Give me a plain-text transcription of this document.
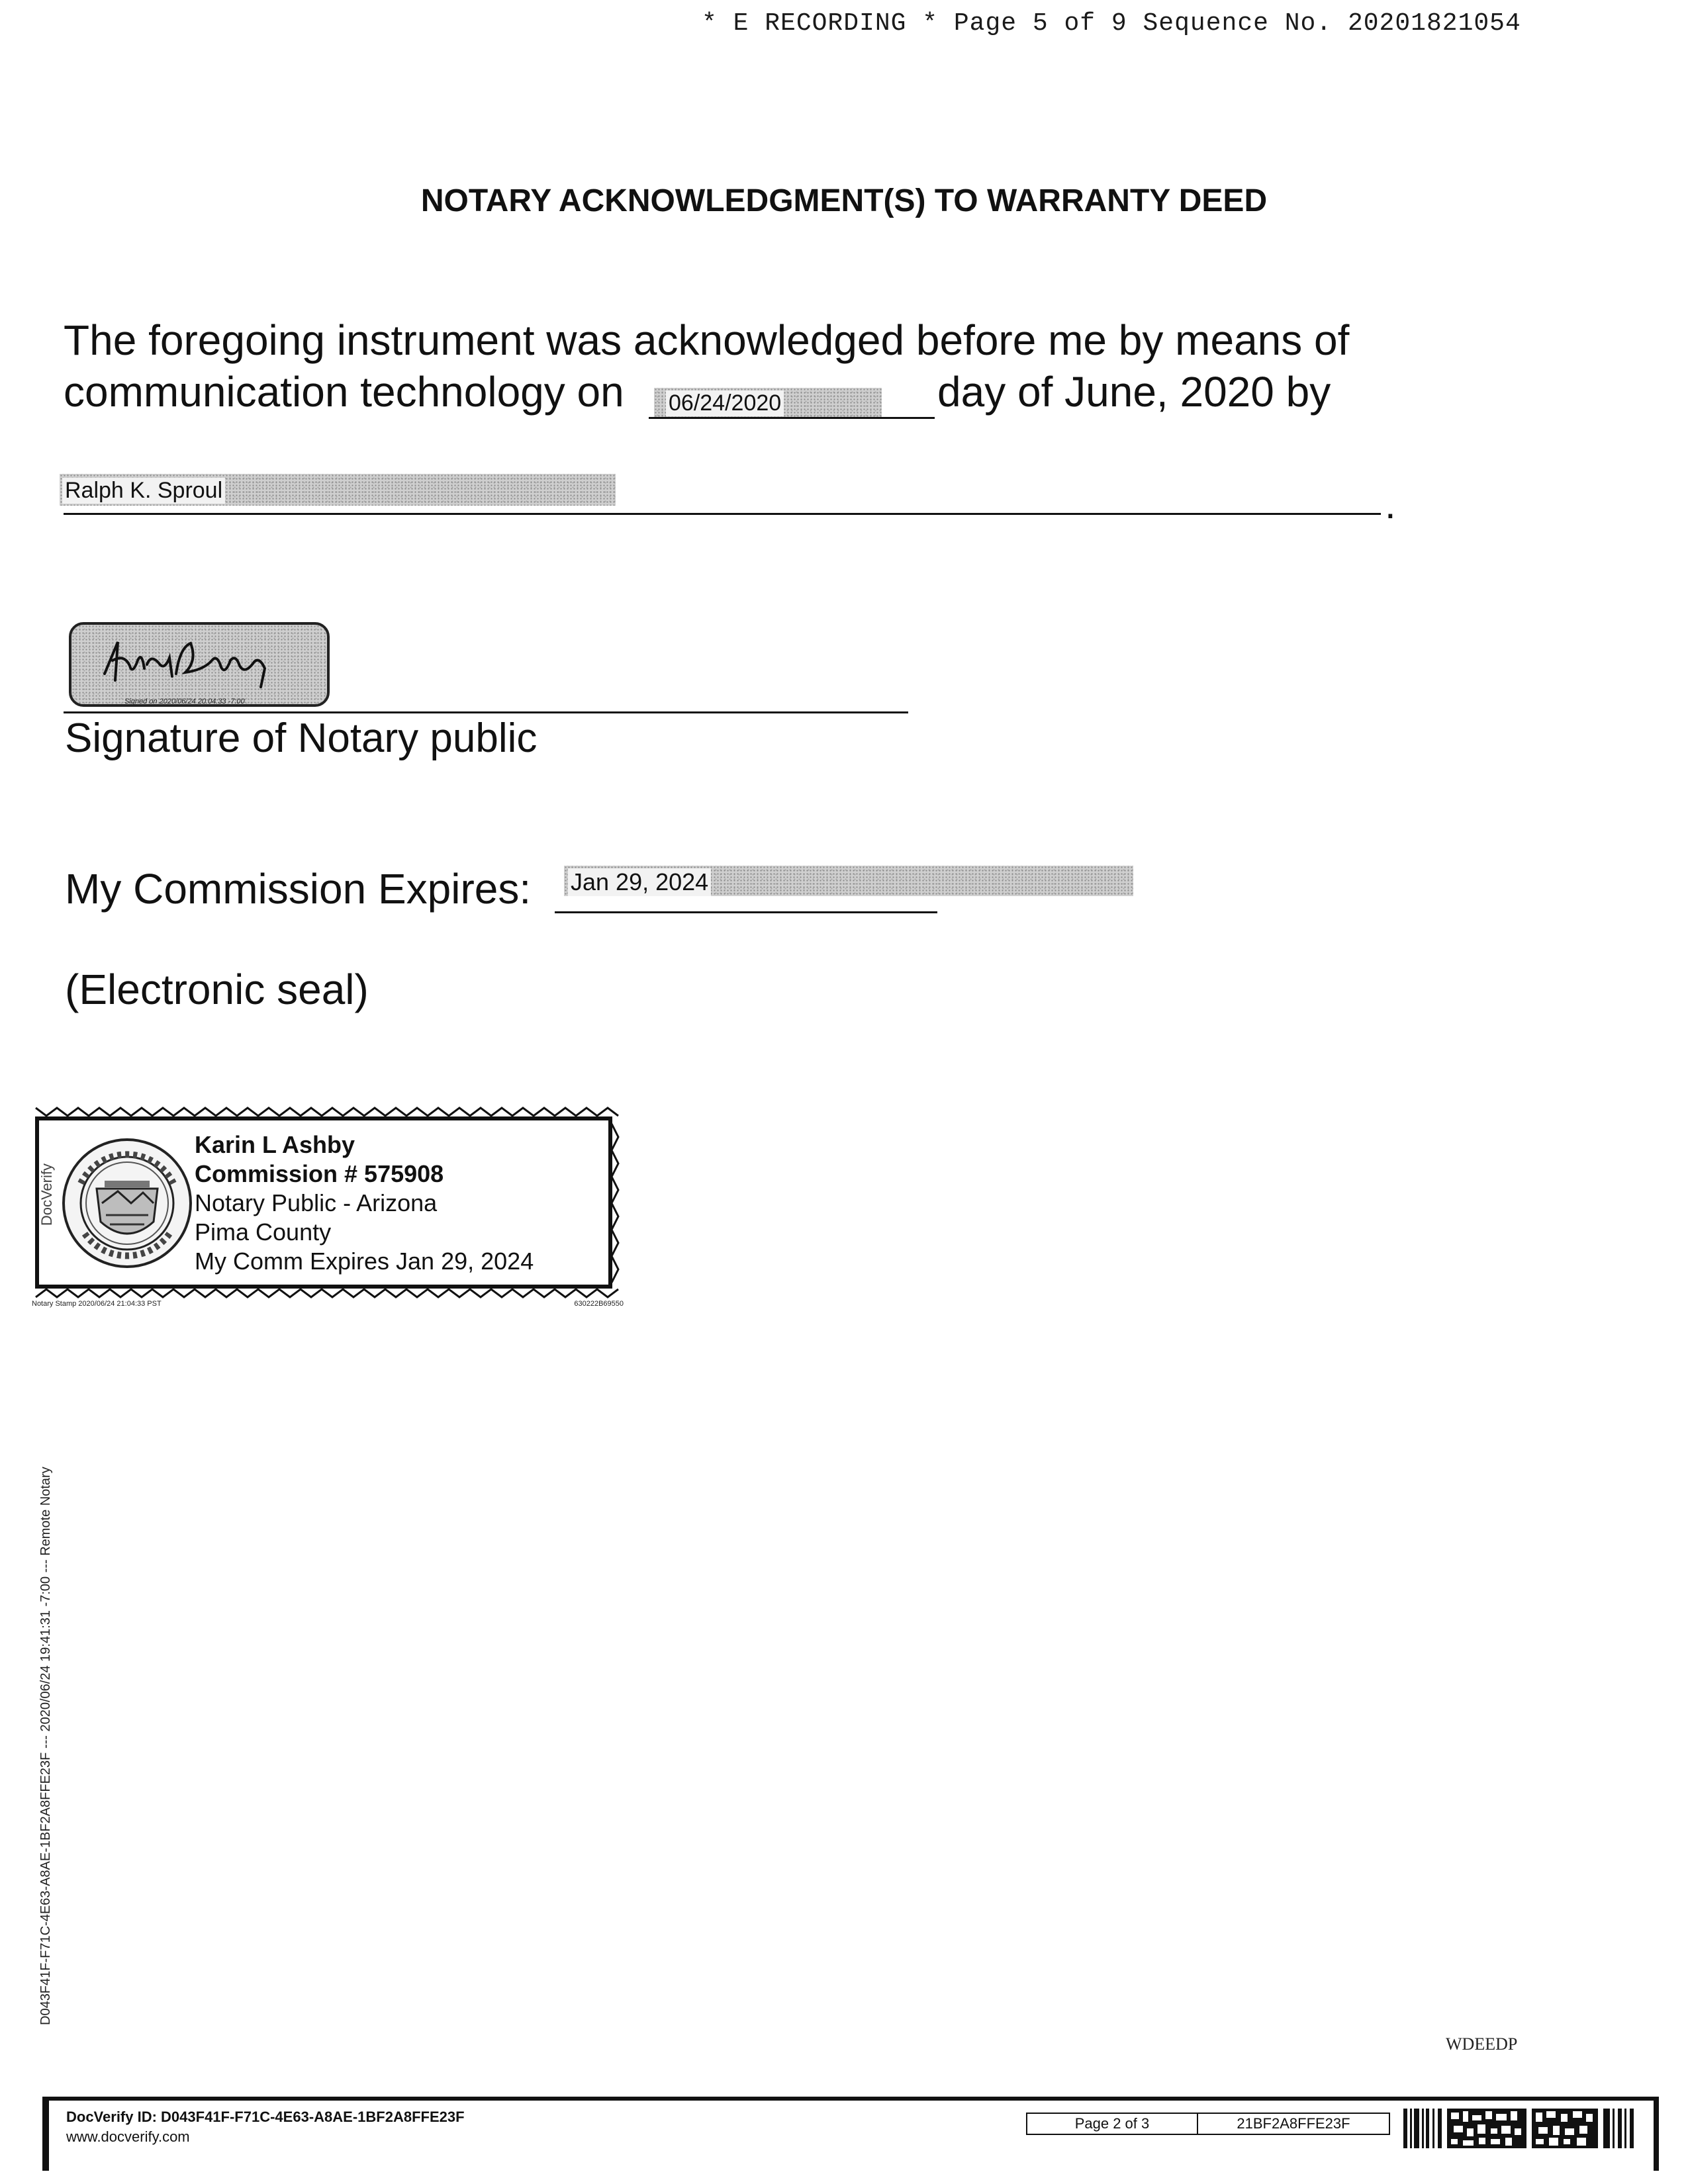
* E RECORDING * Page 5 of 9 Sequence No. 20201821054
NOTARY ACKNOWLEDGMENT(S) TO WARRANTY DEED
The foregoing instrument was acknowledged before me by means of
communication technology on 06/24/2020	day of June, 2020 by
Ralph K. Sproul	.
Signed on 2020/06/24 20:04:33 -7:00
Signature of Notary public
My Commission Expires: Jan 29, 2024
(Electronic seal)
DocVerify
Karin L Ashby
Commission # 575908
Notary Public - Arizona
Pima County
My Comm Expires Jan 29, 2024
Notary Stamp 2020/06/24 21:04:33 PST	630222B69550
D043F41F-F71C-4E63-A8AE-1BF2A8FFE23F --- 2020/06/24 19:41:31 -7:00 --- Remote Notary
WDEEDP
DocVerify ID: D043F41F-F71C-4E63-A8AE-1BF2A8FFE23F
www.docverify.com
Page 2 of 3	21BF2A8FFE23F
